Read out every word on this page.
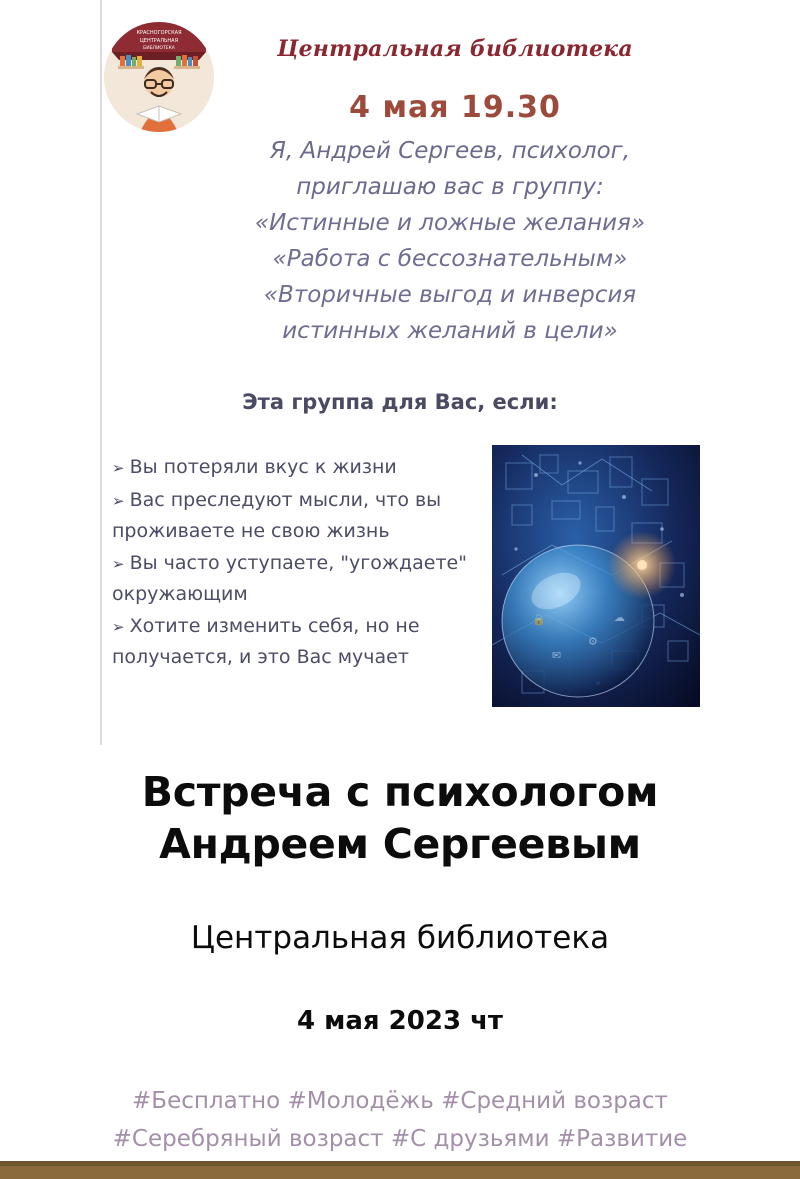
КРАСНОГОРСКАЯ
ЦЕНТРАЛЬНАЯ
БИБЛИОТЕКА	Центральная библиотека
4 мая 19.30
Я, Андрей Сергеев, психолог,
приглашаю вас в группу:
«Истинные и ложные желания»
«Работа с бессознательным»
«Вторичные выгод и инверсия
истинных желаний в цели»
Эта группа для Вас, если:
➢ Вы потеряли вкус к жизни
➢ Вас преследуют мысли, что вы проживаете не свою жизнь
➢ Вы часто уступаете, "угождаете" окружающим
➢ Хотите изменить себя, но не получается, и это Вас мучает
⚙
✉
☁
🔒
Встреча с психологом
Андреем Сергеевым
Центральная библиотека
4 мая 2023 чт
#Бесплатно #Молодёжь #Средний возраст
#Серебряный возраст #С друзьями #Развитие
